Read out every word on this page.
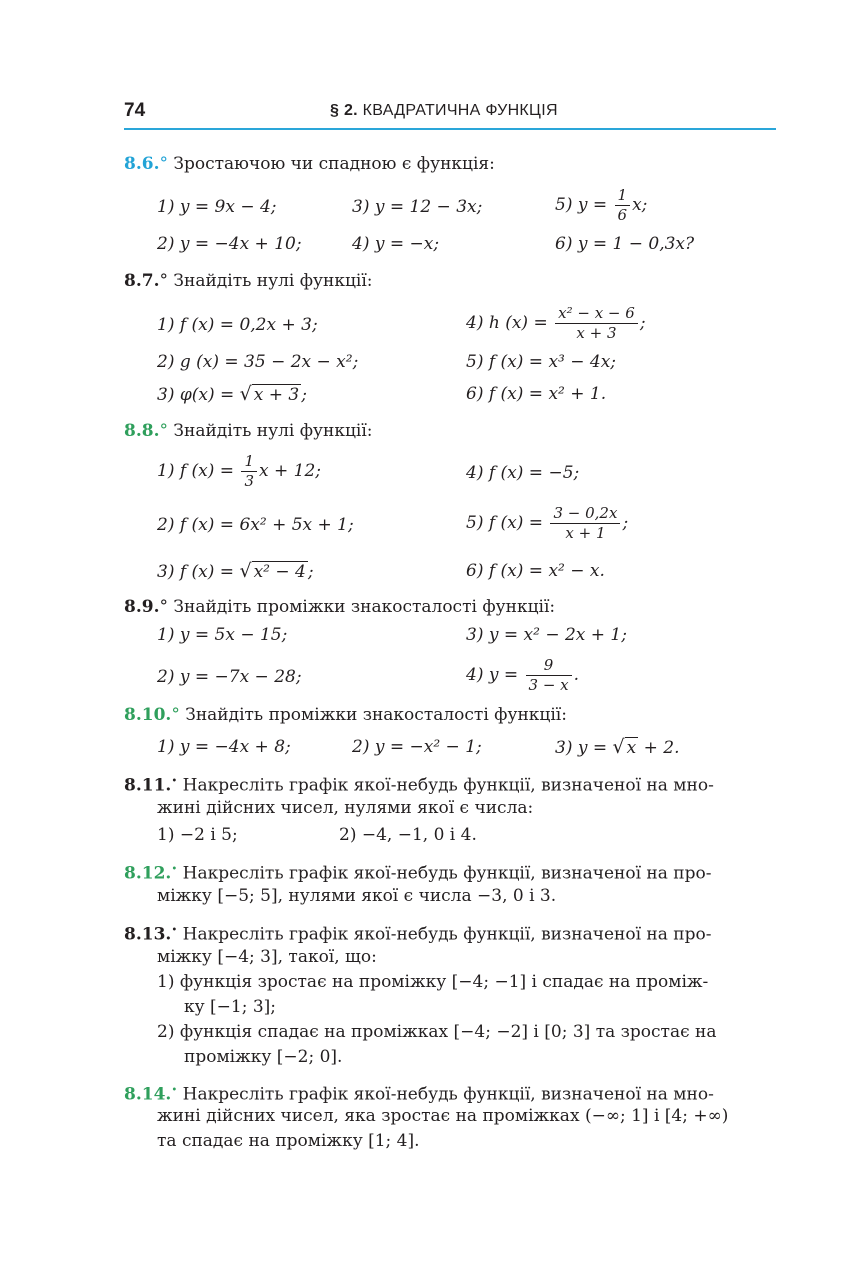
74	§ 2. КВАДРАТИЧНА ФУНКЦІЯ
8.6.° Зростаючою чи спадною є функція:
1) y = 9x − 4;	3) y = 12 − 3x;	5) $y = \frac{1}{6} x$;
2) y = −4x + 10;	4) y = −x;	6) y = 1 − 0,3x?
8.7.° Знайдіть нулі функції:
1) f (x) = 0,2x + 3;	4) h $(x) = \frac{\text{x² − x − 6}}{x + 3}$ ;
2) g (x) = 35 − 2x − x²;	5) f (x) = x³ − 4x;
3) φ(x) = √ x + 3 ;	6) f (x) = x² + 1.
8.8.° Знайдіть нулі функції:
1) f $(x) = \frac{1}{3}$ x + 12;	4) f (x) = −5;
2) f (x) = 6x² + 5x + 1;	5) f $(x) = \frac{3 - 0,2x}{x + 1}$ ;
3) f (x) = √ x² − 4 ;	6) f (x) = x² − x.
8.9.° Знайдіть проміжки знакосталості функції:
1) y = 5x − 15;	3) y = x² − 2x + 1;
2) y = −7x − 28;	4) $y = \frac{9}{3 - x}$ .
8.10.° Знайдіть проміжки знакосталості функції:
1) y = −4x + 8;	2) y = −x² − 1;	3) y = √ x + 2.
8.11.• Накресліть графік якої-небудь функції, визначеної на мно-
жині дійсних чисел, нулями якої є числа:
1) −2 і 5;	2) −4, −1, 0 і 4.
8.12.• Накресліть графік якої-небудь функції, визначеної на про-
міжку [−5; 5], нулями якої є числа −3, 0 і 3.
8.13.• Накресліть графік якої-небудь функції, визначеної на про-
міжку [−4; 3], такої, що:
1) функція зростає на проміжку [−4; −1] і спадає на проміж-
ку [−1; 3];
2) функція спадає на проміжках [−4; −2] і [0; 3] та зростає на
проміжку [−2; 0].
8.14.• Накресліть графік якої-небудь функції, визначеної на мно-
жині дійсних чисел, яка зростає на проміжках (−∞; 1] і [4; +∞)
та спадає на проміжку [1; 4].
